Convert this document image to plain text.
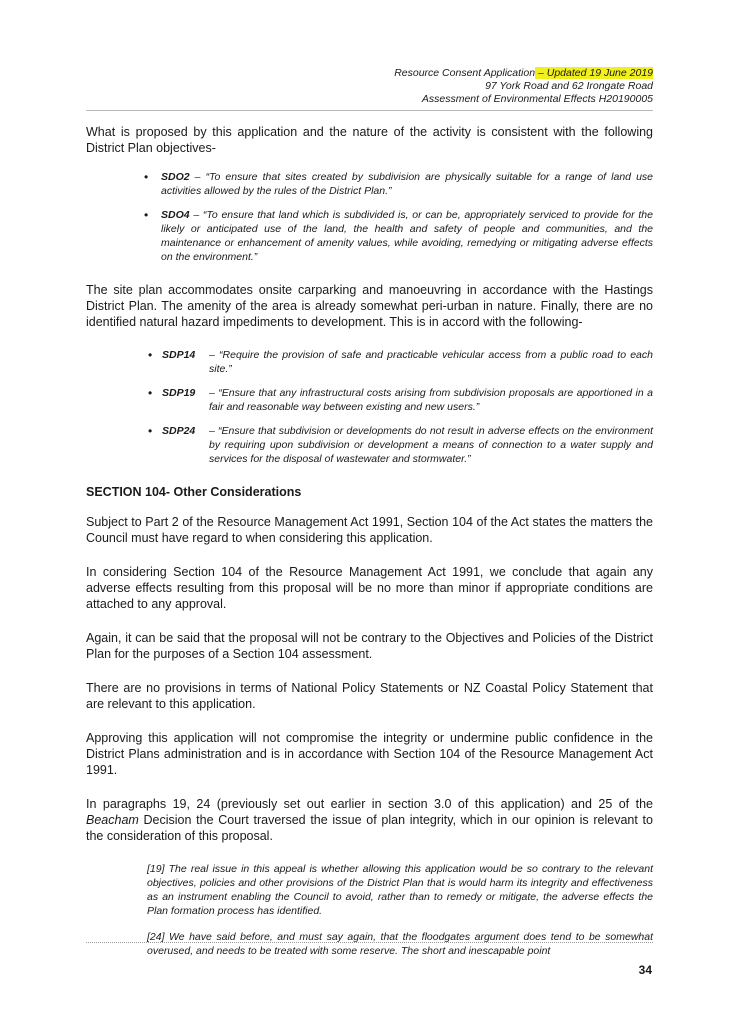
Resource Consent Application – Updated 19 June 2019
97 York Road and 62 Irongate Road
Assessment of Environmental Effects H20190005

What is proposed by this application and the nature of the activity is consistent with the following District Plan objectives-

• SDO2 – “To ensure that sites created by subdivision are physically suitable for a range of land use activities allowed by the rules of the District Plan.”
• SDO4 – “To ensure that land which is subdivided is, or can be, appropriately serviced to provide for the likely or anticipated use of the land, the health and safety of people and communities, and the maintenance or enhancement of amenity values, while avoiding, remedying or mitigating adverse effects on the environment.”

The site plan accommodates onsite carparking and manoeuvring in accordance with the Hastings District Plan. The amenity of the area is already somewhat peri-urban in nature. Finally, there are no identified natural hazard impediments to development. This is in accord with the following-

• SDP14 – “Require the provision of safe and practicable vehicular access from a public road to each site.”
• SDP19 – “Ensure that any infrastructural costs arising from subdivision proposals are apportioned in a fair and reasonable way between existing and new users.”
• SDP24 – “Ensure that subdivision or developments do not result in adverse effects on the environment by requiring upon subdivision or development a means of connection to a water supply and services for the disposal of wastewater and stormwater.”
SECTION 104- Other Considerations

Subject to Part 2 of the Resource Management Act 1991, Section 104 of the Act states the matters the Council must have regard to when considering this application.

In considering Section 104 of the Resource Management Act 1991, we conclude that again any adverse effects resulting from this proposal will be no more than minor if appropriate conditions are attached to any approval.

Again, it can be said that the proposal will not be contrary to the Objectives and Policies of the District Plan for the purposes of a Section 104 assessment.

There are no provisions in terms of National Policy Statements or NZ Coastal Policy Statement that are relevant to this application.

Approving this application will not compromise the integrity or undermine public confidence in the District Plans administration and is in accordance with Section 104 of the Resource Management Act 1991.

In paragraphs 19, 24 (previously set out earlier in section 3.0 of this application) and 25 of the Beacham Decision the Court traversed the issue of plan integrity, which in our opinion is relevant to the consideration of this proposal.

[19] The real issue in this appeal is whether allowing this application would be so contrary to the relevant objectives, policies and other provisions of the District Plan that is would harm its integrity and effectiveness as an instrument enabling the Council to avoid, rather than to remedy or mitigate, the adverse effects the Plan formation process has identified.

[24] We have said before, and must say again, that the floodgates argument does tend to be somewhat overused, and needs to be treated with some reserve. The short and inescapable point

34
